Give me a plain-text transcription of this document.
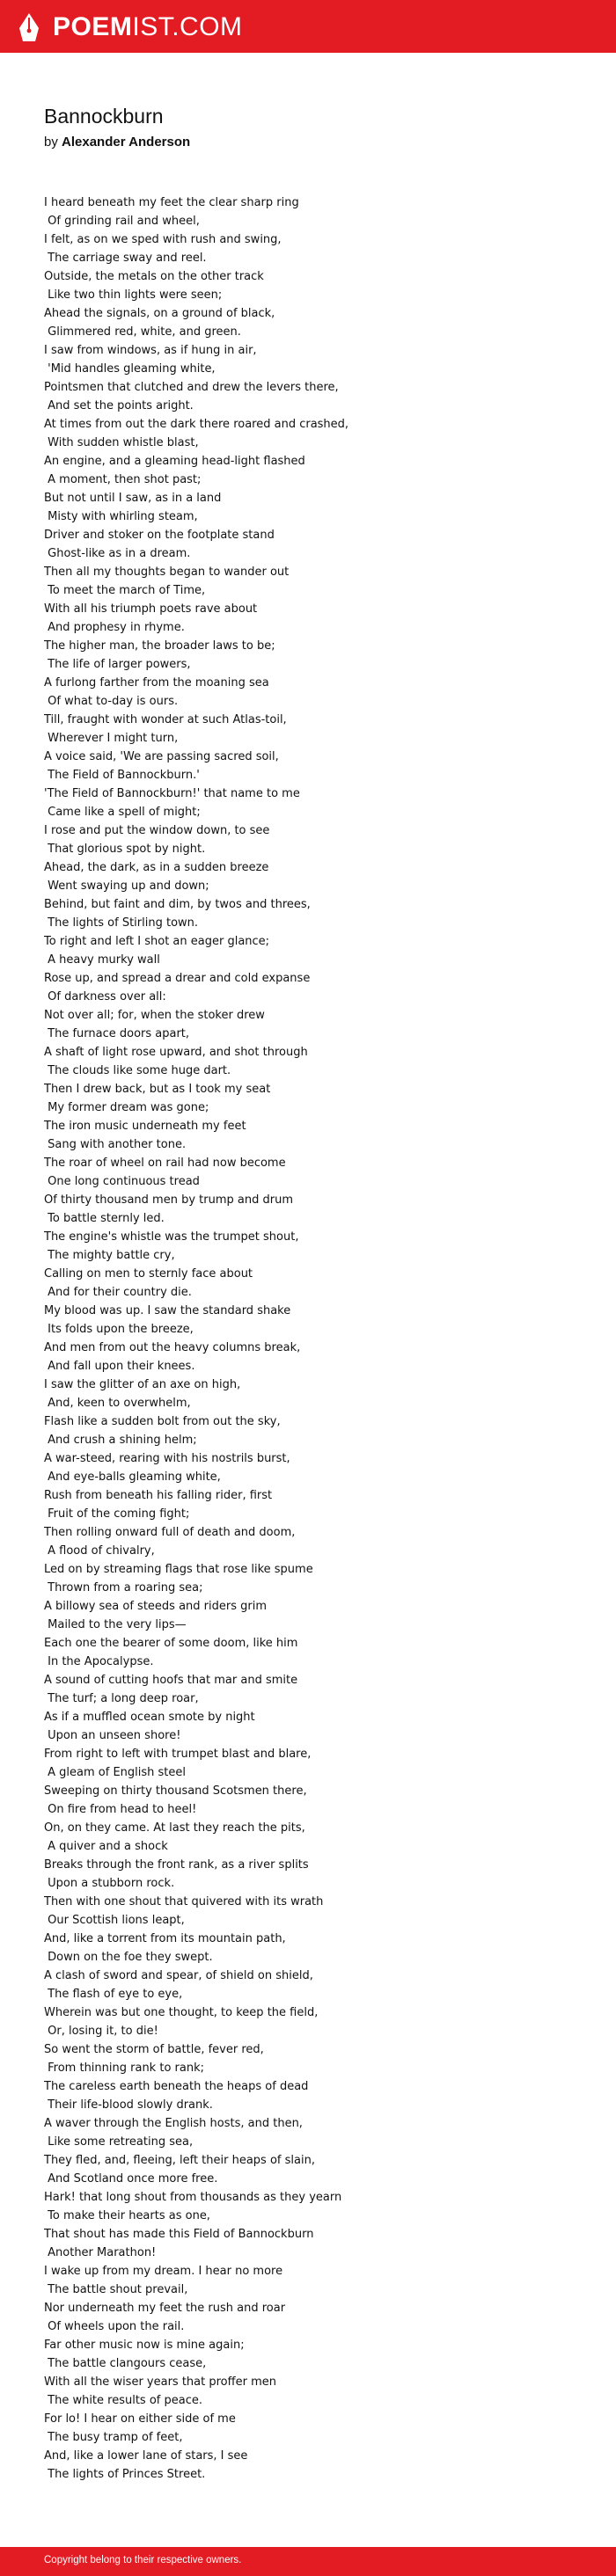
POEMIST.COM
Bannockburn
by Alexander Anderson
I heard beneath my feet the clear sharp ring
Of grinding rail and wheel,
I felt, as on we sped with rush and swing,
The carriage sway and reel.
Outside, the metals on the other track
Like two thin lights were seen;
Ahead the signals, on a ground of black,
Glimmered red, white, and green.
I saw from windows, as if hung in air,
'Mid handles gleaming white,
Pointsmen that clutched and drew the levers there,
And set the points aright.
At times from out the dark there roared and crashed,
With sudden whistle blast,
An engine, and a gleaming head-light flashed
A moment, then shot past;
But not until I saw, as in a land
Misty with whirling steam,
Driver and stoker on the footplate stand
Ghost-like as in a dream.
Then all my thoughts began to wander out
To meet the march of Time,
With all his triumph poets rave about
And prophesy in rhyme.
The higher man, the broader laws to be;
The life of larger powers,
A furlong farther from the moaning sea
Of what to-day is ours.
Till, fraught with wonder at such Atlas-toil,
Wherever I might turn,
A voice said, 'We are passing sacred soil,
The Field of Bannockburn.'
'The Field of Bannockburn!' that name to me
Came like a spell of might;
I rose and put the window down, to see
That glorious spot by night.
Ahead, the dark, as in a sudden breeze
Went swaying up and down;
Behind, but faint and dim, by twos and threes,
The lights of Stirling town.
To right and left I shot an eager glance;
A heavy murky wall
Rose up, and spread a drear and cold expanse
Of darkness over all:
Not over all; for, when the stoker drew
The furnace doors apart,
A shaft of light rose upward, and shot through
The clouds like some huge dart.
Then I drew back, but as I took my seat
My former dream was gone;
The iron music underneath my feet
Sang with another tone.
The roar of wheel on rail had now become
One long continuous tread
Of thirty thousand men by trump and drum
To battle sternly led.
The engine's whistle was the trumpet shout,
The mighty battle cry,
Calling on men to sternly face about
And for their country die.
My blood was up. I saw the standard shake
Its folds upon the breeze,
And men from out the heavy columns break,
And fall upon their knees.
I saw the glitter of an axe on high,
And, keen to overwhelm,
Flash like a sudden bolt from out the sky,
And crush a shining helm;
A war-steed, rearing with his nostrils burst,
And eye-balls gleaming white,
Rush from beneath his falling rider, first
Fruit of the coming fight;
Then rolling onward full of death and doom,
A flood of chivalry,
Led on by streaming flags that rose like spume
Thrown from a roaring sea;
A billowy sea of steeds and riders grim
Mailed to the very lips—
Each one the bearer of some doom, like him
In the Apocalypse.
A sound of cutting hoofs that mar and smite
The turf; a long deep roar,
As if a muffled ocean smote by night
Upon an unseen shore!
From right to left with trumpet blast and blare,
A gleam of English steel
Sweeping on thirty thousand Scotsmen there,
On fire from head to heel!
On, on they came. At last they reach the pits,
A quiver and a shock
Breaks through the front rank, as a river splits
Upon a stubborn rock.
Then with one shout that quivered with its wrath
Our Scottish lions leapt,
And, like a torrent from its mountain path,
Down on the foe they swept.
A clash of sword and spear, of shield on shield,
The flash of eye to eye,
Wherein was but one thought, to keep the field,
Or, losing it, to die!
So went the storm of battle, fever red,
From thinning rank to rank;
The careless earth beneath the heaps of dead
Their life-blood slowly drank.
A waver through the English hosts, and then,
Like some retreating sea,
They fled, and, fleeing, left their heaps of slain,
And Scotland once more free.
Hark! that long shout from thousands as they yearn
To make their hearts as one,
That shout has made this Field of Bannockburn
Another Marathon!
I wake up from my dream. I hear no more
The battle shout prevail,
Nor underneath my feet the rush and roar
Of wheels upon the rail.
Far other music now is mine again;
The battle clangours cease,
With all the wiser years that proffer men
The white results of peace.
For lo! I hear on either side of me
The busy tramp of feet,
And, like a lower lane of stars, I see
The lights of Princes Street.
Copyright belong to their respective owners.
